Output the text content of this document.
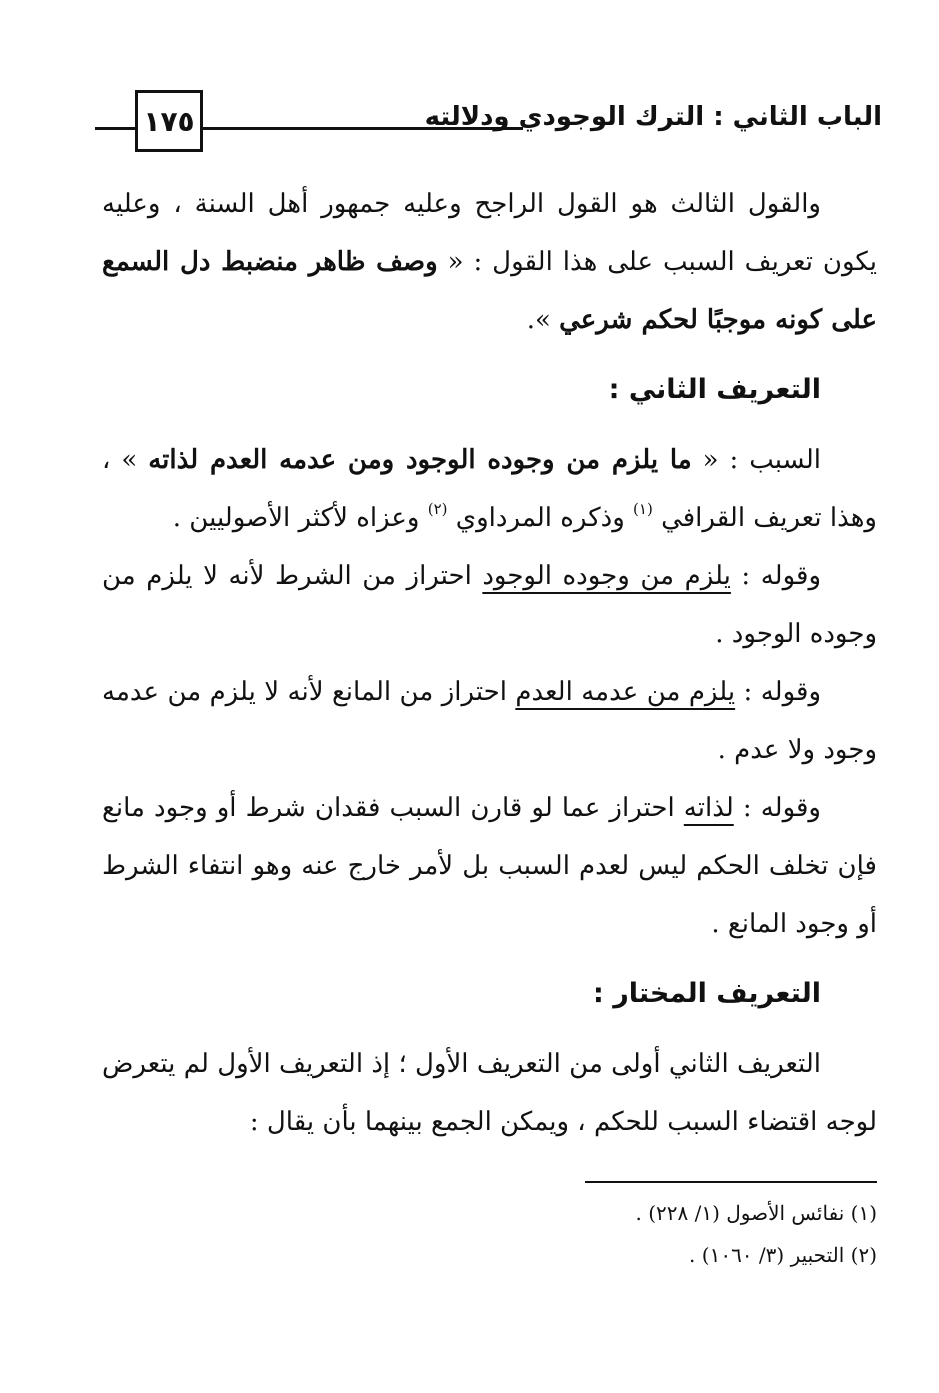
١٧٥	الباب الثاني : الترك الوجودي ودلالته

والقول الثالث هو القول الراجح وعليه جمهور أهل السنة ، وعليه يكون تعريف السبب على هذا القول : « وصف ظاهر منضبط دل السمع على كونه موجبًا لحكم شرعي ».

التعريف الثاني :

السبب : « ما يلزم من وجوده الوجود ومن عدمه العدم لذاته » ، وهذا تعريف القرافي $^{(١)}$ وذكره المرداوي $^{(٢)}$ وعزاه لأكثر الأصوليين .

وقوله : يلزم من وجوده الوجود احتراز من الشرط لأنه لا يلزم من وجوده الوجود .

وقوله : يلزم من عدمه العدم احتراز من المانع لأنه لا يلزم من عدمه وجود ولا عدم .

وقوله : لذاته احتراز عما لو قارن السبب فقدان شرط أو وجود مانع فإن تخلف الحكم ليس لعدم السبب بل لأمر خارج عنه وهو انتفاء الشرط أو وجود المانع .

التعريف المختار :

التعريف الثاني أولى من التعريف الأول ؛ إذ التعريف الأول لم يتعرض لوجه اقتضاء السبب للحكم ، ويمكن الجمع بينهما بأن يقال :

(١) نفائس الأصول (١/ ٢٢٨) .

(٢) التحبير (٣/ ١٠٦٠) .
